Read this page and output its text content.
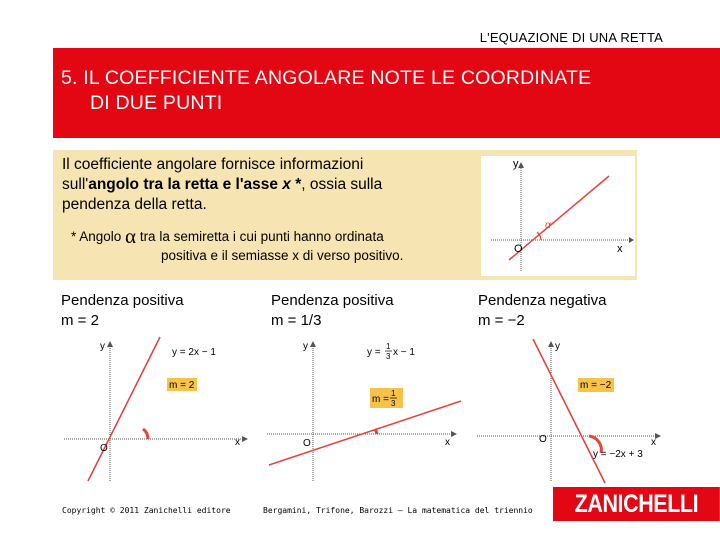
L'EQUAZIONE DI UNA RETTA
5. IL COEFFICIENTE ANGOLARE NOTE LE COORDINATE
DI DUE PUNTI
Il coefficiente angolare fornisce informazioni
sull'angolo tra la retta e l'asse x *, ossia sulla
pendenza della retta.
* Angolo α tra la semiretta i cui punti hanno ordinata
positiva e il semiasse x di verso positivo.
y
x
O
α
Pendenza positiva
m = 2
m = 2
y = 2x − 1
y
x
O
Pendenza positiva
m = 1/3
m =
1
3
y =
1
3 x − 1
y
x
O
Pendenza negativa
m = −2
m = −2
y = −2x + 3
y
x
O
Copyright © 2011 Zanichelli editore	Bergamini, Trifone, Barozzi – La matematica del triennio	ZANICHELLI
